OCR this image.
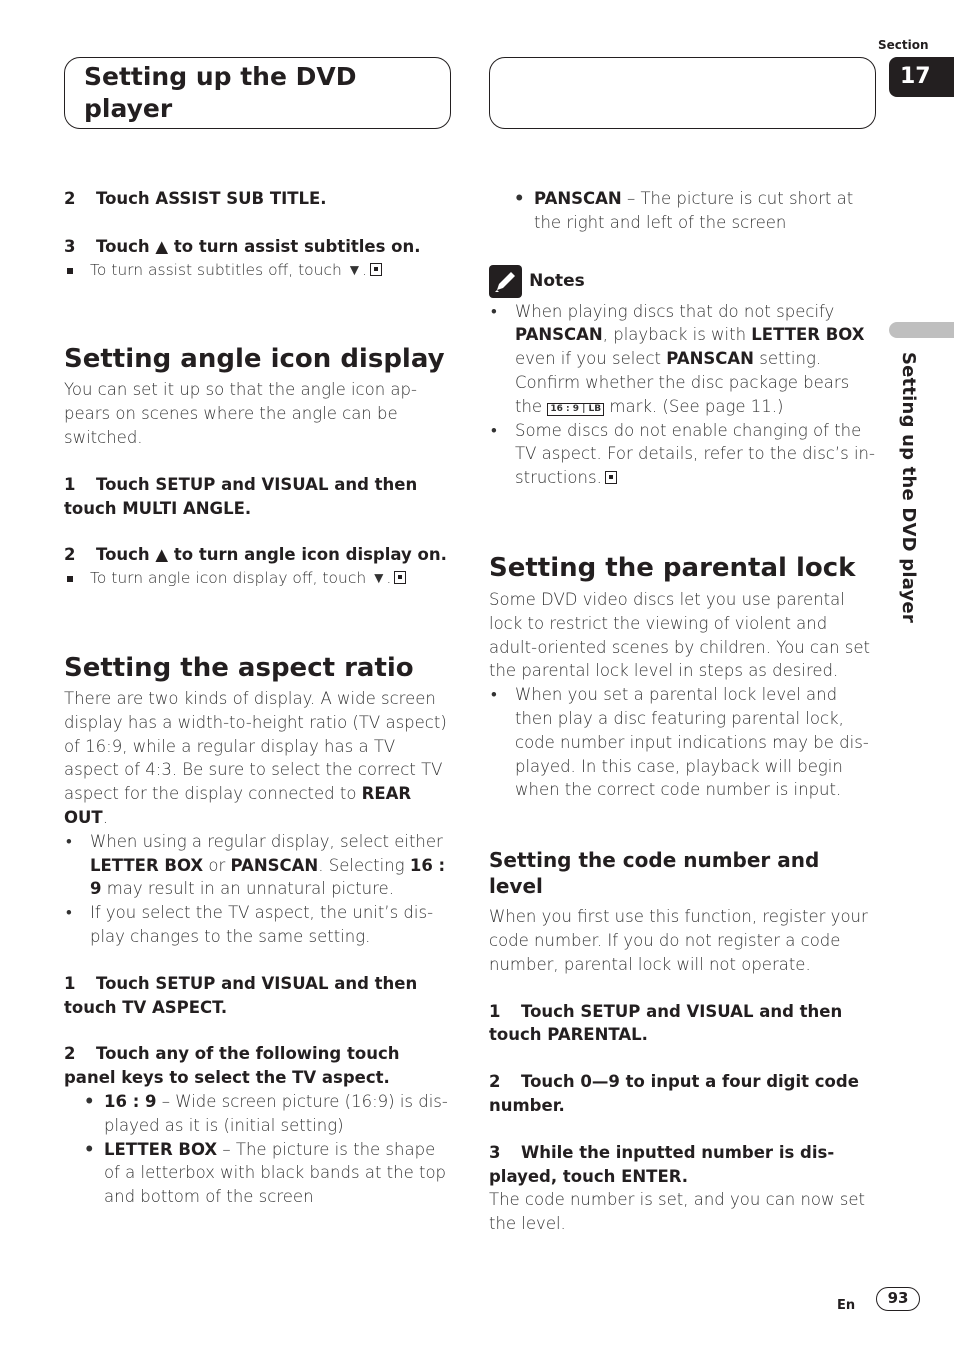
Setting up the DVD player
Section
17
Setting up the DVD player
2 Touch ASSIST SUB TITLE.
3 Touch ▲ to turn assist subtitles on.
To turn assist subtitles off, touch ▼.
Setting angle icon display
You can set it up so that the angle icon ap-pears on scenes where the angle can be switched.
1 Touch SETUP and VISUAL and then touch MULTI ANGLE.
2 Touch ▲ to turn angle icon display on.
To turn angle icon display off, touch ▼.
Setting the aspect ratio
There are two kinds of display. A wide screen display has a width-to-height ratio (TV aspect) of 16:9, while a regular display has a TV aspect of 4:3. Be sure to select the correct TV aspect for the display connected to REAR OUT.
• When using a regular display, select either LETTER BOX or PANSCAN. Selecting 16 : 9 may result in an unnatural picture.
• If you select the TV aspect, the unit’s dis-play changes to the same setting.
1 Touch SETUP and VISUAL and then touch TV ASPECT.
2 Touch any of the following touch panel keys to select the TV aspect.
• 16 : 9 – Wide screen picture (16:9) is dis-played as it is (initial setting)
• LETTER BOX – The picture is the shape of a letterbox with black bands at the top and bottom of the screen
• PANSCAN – The picture is cut short at the right and left of the screen
Notes
• When playing discs that do not specify PANSCAN, playback is with LETTER BOX even if you select PANSCAN setting. Confirm whether the disc package bears the 16 : 9 | LB mark. (See page 11.)
• Some discs do not enable changing of the TV aspect. For details, refer to the disc’s in-structions.
Setting the parental lock
Some DVD video discs let you use parental lock to restrict the viewing of violent and adult-oriented scenes by children. You can set the parental lock level in steps as desired.
• When you set a parental lock level and then play a disc featuring parental lock, code number input indications may be dis-played. In this case, playback will begin when the correct code number is input.
Setting the code number and level
When you first use this function, register your code number. If you do not register a code number, parental lock will not operate.
1 Touch SETUP and VISUAL and then touch PARENTAL.
2 Touch 0—9 to input a four digit code number.
3 While the inputted number is dis-played, touch ENTER.
The code number is set, and you can now set the level.
En	93
